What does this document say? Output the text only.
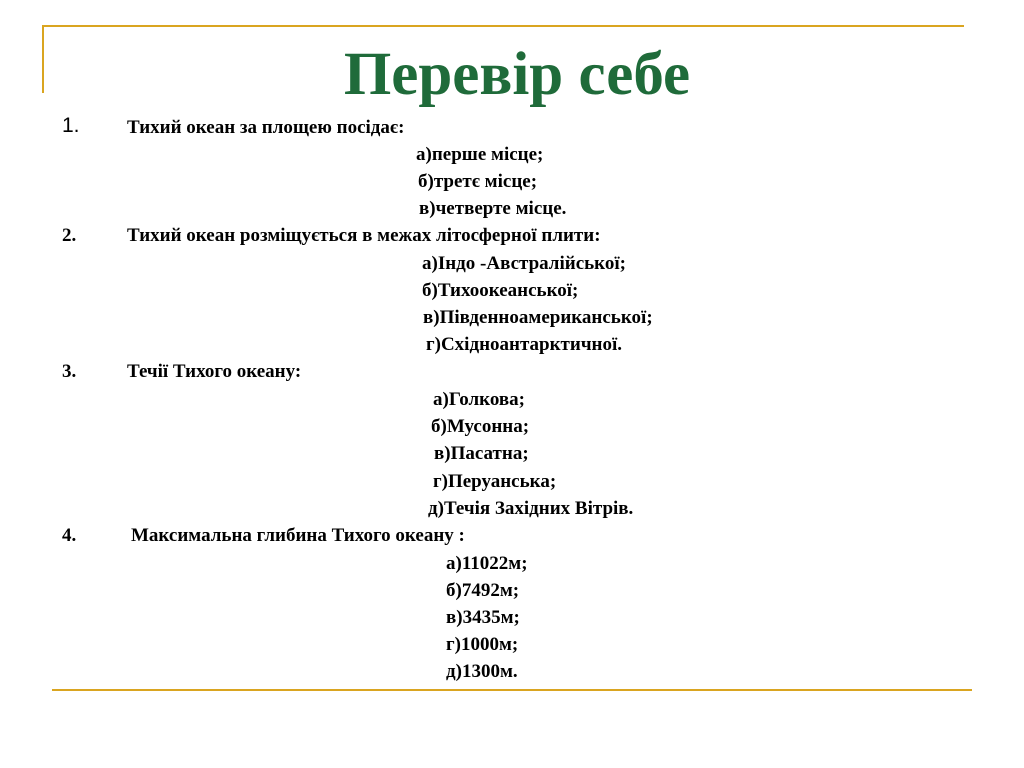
Перевір себе
1. Тихий океан за площею посідає:
а)перше місце;
б)третє місце;
в)четверте місце.
2.	Тихий океан розміщується в межах літосферної плити:
а)Індо -Австралійської;
б)Тихоокеанської;
в)Південноамериканської;
г)Східноантарктичної.
3.	Течії Тихого океану:
а)Голкова;
б)Мусонна;
в)Пасатна;
г)Перуанська;
д)Течія Західних Вітрів.
4.	Максимальна глибина Тихого океану :
а)11022м;
б)7492м;
в)3435м;
г)1000м;
д)1300м.
